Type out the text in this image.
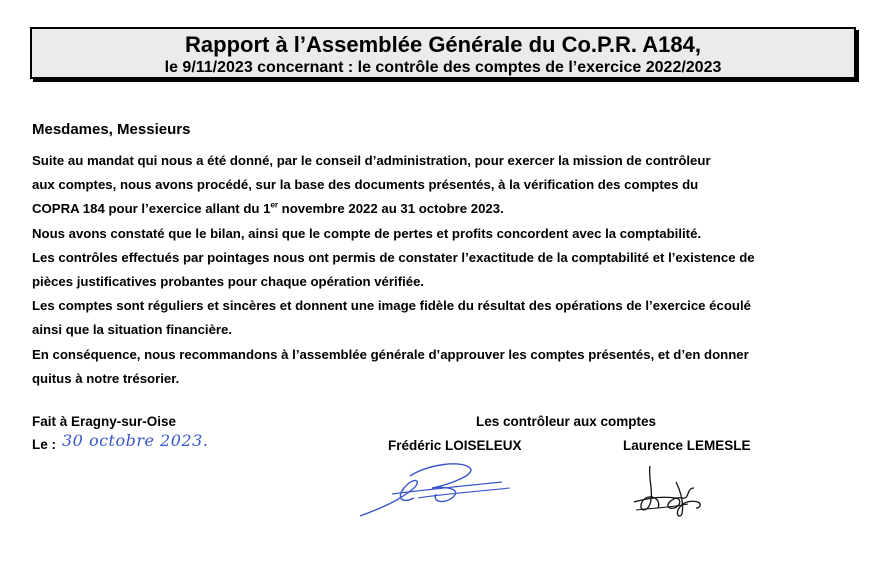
Rapport à l’Assemblée Générale du Co.P.R. A184,
le 9/11/2023 concernant : le contrôle des comptes de l’exercice 2022/2023
Mesdames, Messieurs

Suite au mandat qui nous a été donné, par le conseil d’administration, pour exercer la mission de contrôleur

aux comptes, nous avons procédé, sur la base des documents présentés, à la vérification des comptes du

COPRA 184 pour l’exercice allant du 1er novembre 2022 au 31 octobre 2023.

Nous avons constaté que le bilan, ainsi que le compte de pertes et profits concordent avec la comptabilité.

Les contrôles effectués par pointages nous ont permis de constater l’exactitude de la comptabilité et l’existence de

pièces justificatives probantes pour chaque opération vérifiée.

Les comptes sont réguliers et sincères et donnent une image fidèle du résultat des opérations de l’exercice écoulé

ainsi que la situation financière.

En conséquence, nous recommandons à l’assemblée générale d’approuver les comptes présentés, et d’en donner

quitus à notre trésorier.

Fait à Eragny-sur-Oise
Le : 30 octobre 2023.
Les contrôleur aux comptes
Frédéric LOISELEUX	Laurence LEMESLE
